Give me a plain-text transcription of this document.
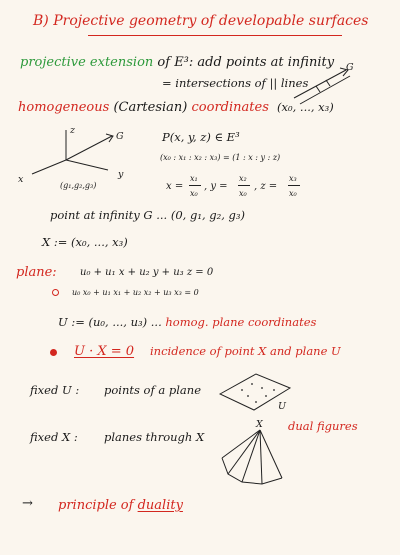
B) Projective geometry of developable surfaces
projective extension of E³: add points at infinity
= intersections of || lines
G
homogeneous (Cartesian) coordinates (x₀, ..., x₃)
z
x	y
G
(g₁,g₂,g₃)
P(x, y, z) ∈ E³
(x₀ : x₁ : x₂ : x₃) = (1 : x : y : z)
x =
x₁
x₀
, y =
x₂
x₀
, z =
x₃
x₀
point at infinity G ... (0, g₁, g₂, g₃)
X := (x₀, ..., x₃)
plane: u₀ + u₁ x + u₂ y + u₃ z = 0
u₀ x₀ + u₁ x₁ + u₂ x₂ + u₃ x₃ = 0
U := (u₀, ..., u₃) ... homog. plane coordinates
U · X = 0 incidence of point X and plane U
fixed U : points of a plane
U
fixed X : planes through X
X dual figures
→ principle of duality
